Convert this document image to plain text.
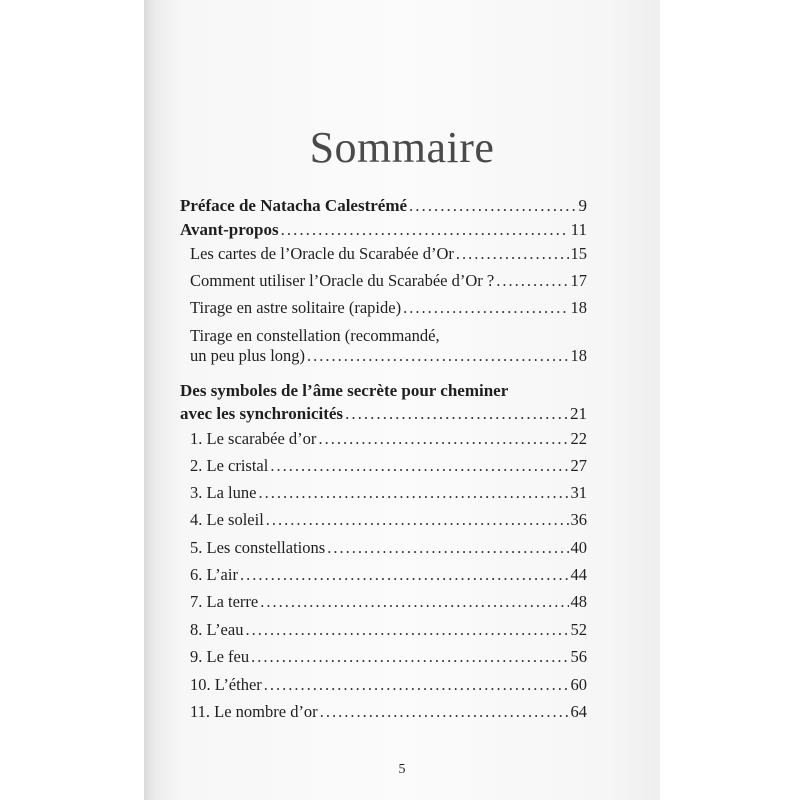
Sommaire
Préface de Natacha Calestrémé .....	9
Avant-propos .....	11
Les cartes de l’Oracle du Scarabée d’Or .....	15
Comment utiliser l’Oracle du Scarabée d’Or ? .....	17
Tirage en astre solitaire (rapide) .....	18
Tirage en constellation (recommandé,
un peu plus long) .....	18
Des symboles de l’âme secrète pour cheminer
avec les synchronicités .....	21
1. Le scarabée d’or .....	22
2. Le cristal .....	27
3. La lune .....	31
4. Le soleil .....	36
5. Les constellations .....	40
6. L’air .....	44
7. La terre .....	48
8. L’eau .....	52
9. Le feu .....	56
10. L’éther .....	60
11. Le nombre d’or .....	64
5
